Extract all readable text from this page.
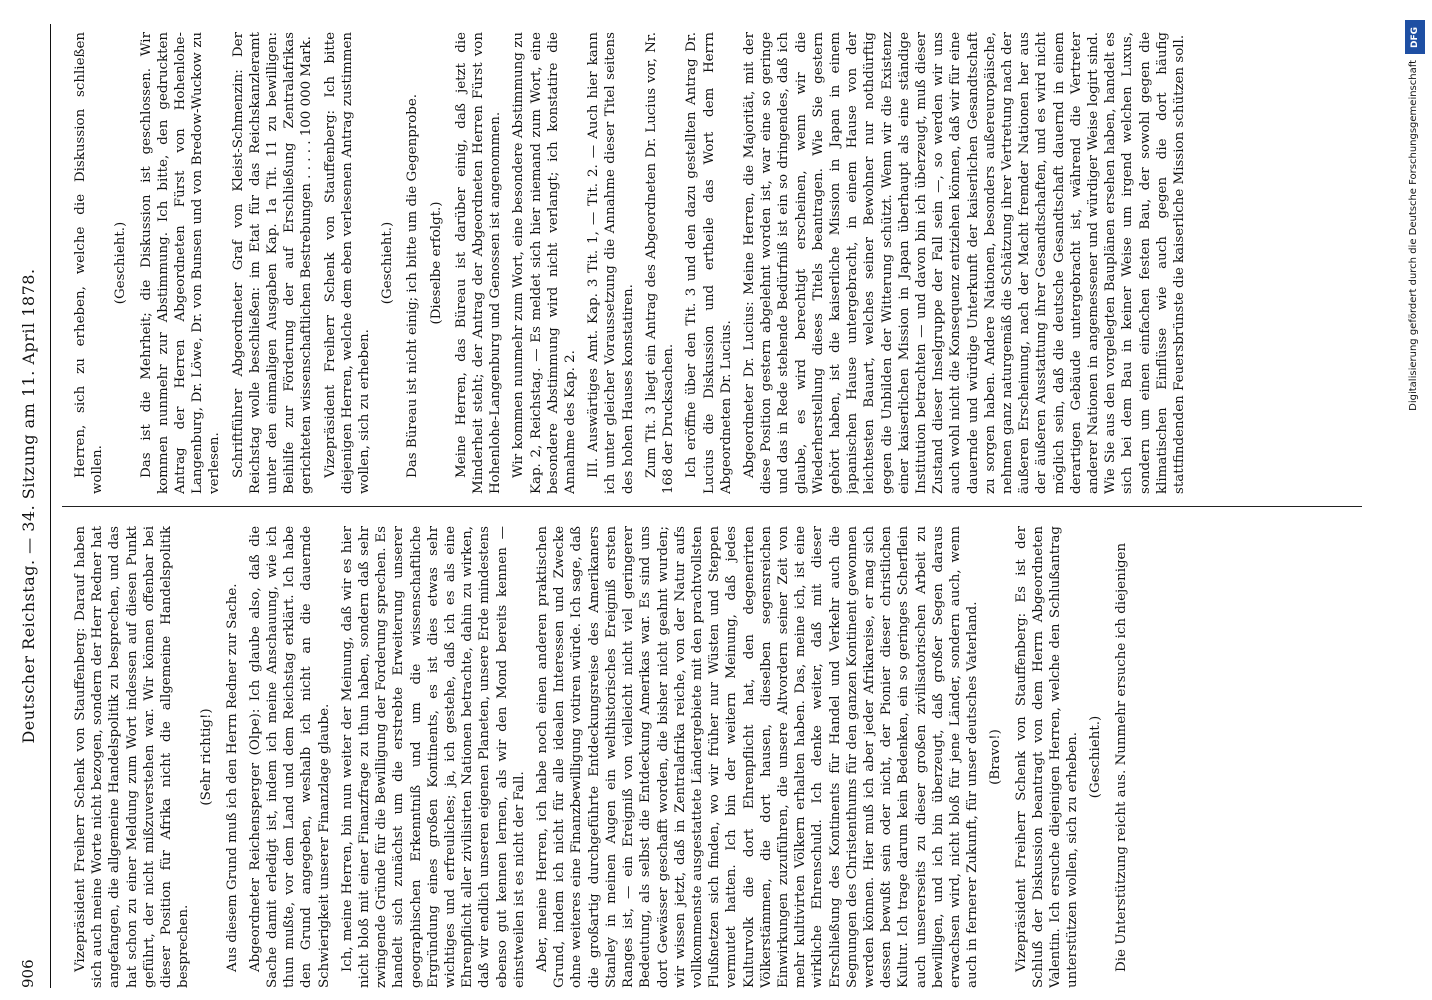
906
Deutscher Reichstag. — 34. Sitzung am 11. April 1878.

Vizepräsident Freiherr Schenk von Stauffenberg: Darauf haben sich auch meine Worte nicht bezogen, sondern der Herr Redner hat angefangen, die allgemeine Handelspolitik zu besprechen, und das hat schon zu einer Meldung zum Wort indessen auf diesen Punkt geführt, der nicht mißzuverstehen war. Wir können offenbar bei dieser Position für Afrika nicht die allgemeine Handelspolitik besprechen.

(Sehr richtig!) Aus diesem Grund muß ich den Herrn Redner zur Sache. Abgeordneter Reichensperger (Olpe): Ich glaube also, daß die Sache damit erledigt ist, indem ich meine Anschauung, wie ich thun mußte, vor dem Land und dem Reichstag erklärt. Ich habe den Grund angegeben, weshalb ich nicht an die dauernde Schwierigkeit unserer Finanzlage glaube. Ich, meine Herren, bin nun weiter der Meinung, daß wir es hier nicht bloß mit einer Finanzfrage zu thun haben, sondern daß sehr zwingende Gründe für die Bewilligung der Forderung sprechen. Es handelt sich zunächst um die erstrebte Erweiterung unserer geographischen Erkenntniß und um die wissenschaftliche Ergründung eines großen Kontinents, es ist dies etwas sehr wichtiges und erfreuliches; ja, ich gestehe, daß ich es als eine Ehrenpflicht aller zivilisirten Nationen betrachte, dahin zu wirken, daß wir endlich unseren eigenen Planeten, unsere Erde mindestens ebenso gut kennen lernen, als wir den Mond bereits kennen — einstweilen ist es nicht der Fall. Aber, meine Herren, ich habe noch einen anderen praktischen Grund, indem ich nicht für alle idealen Interessen und Zwecke ohne weiteres eine Finanzbewilligung votiren würde. Ich sage, daß die großartig durchgeführte Entdeckungsreise des Amerikaners Stanley in meinen Augen ein welthistorisches Ereigniß ersten Ranges ist, — ein Ereigniß von vielleicht nicht viel geringerer Bedeutung, als selbst die Entdeckung Amerikas war. Es sind uns dort Gewässer geschafft worden, die bisher nicht geahnt wurden; wir wissen jetzt, daß in Zentralafrika reiche, von der Natur aufs vollkommenste ausgestattete Ländergebiete mit den prachtvollsten Flußnetzen sich finden, wo wir früher nur Wüsten und Steppen vermutet hatten. Ich bin der weitern Meinung, daß jedes Kulturvolk die dort Ehrenpflicht hat, den degenerirten Völkerstämmen, die dort hausen, dieselben segensreichen Einwirkungen zuzuführen, die unsere Altvordern seiner Zeit von mehr kultivirten Völkern erhalten haben. Das, meine ich, ist eine wirkliche Ehrenschuld. Ich denke weiter, daß mit dieser Erschließung des Kontinents für Handel und Verkehr auch die Segnungen des Christenthums für den ganzen Kontinent gewonnen werden können. Hier muß ich aber jeder Afrikareise, er mag sich dessen bewußt sein oder nicht, der Pionier dieser christlichen Kultur. Ich trage darum kein Bedenken, ein so geringes Scherflein auch unsererseits zu dieser großen zivilisatorischen Arbeit zu bewilligen, und ich bin überzeugt, daß großer Segen daraus erwachsen wird, nicht bloß für jene Länder, sondern auch, wenn auch in fernerer Zukunft, für unser deutsches Vaterland. (Bravo!) Vizepräsident Freiherr Schenk von Stauffenberg: Es ist der Schluß der Diskussion beantragt von dem Herrn Abgeordneten Valentin. Ich ersuche diejenigen Herren, welche den Schlußantrag unterstützen wollen, sich zu erheben. (Geschieht.) Die Unterstützung reicht aus. Nunmehr ersuche ich diejenigen

Herren, sich zu erheben, welche die Diskussion schließen wollen.

(Geschieht.) Das ist die Mehrheit; die Diskussion ist geschlossen. Wir kommen nunmehr zur Abstimmung. Ich bitte, den gedruckten Antrag der Herren Abgeordneten Fürst von Hohenlohe-Langenburg, Dr. Löwe, Dr. von Bunsen und von Bredow-Wuckow zu verlesen. Schriftführer Abgeordneter Graf von Kleist-Schmenzin: Der Reichstag wolle beschließen: im Etat für das Reichskanzleramt unter den einmaligen Ausgaben Kap. 1a Tit. 11 zu bewilligen: Beihilfe zur Förderung der auf Erschließung Zentralafrikas gerichteten wissenschaftlichen Bestrebungen . . . . . 100 000 Mark. Vizepräsident Freiherr Schenk von Stauffenberg: Ich bitte diejenigen Herren, welche dem eben verlesenen Antrag zustimmen wollen, sich zu erheben.

(Geschieht.) Das Büreau ist nicht einig; ich bitte um die Gegenprobe. (Dieselbe erfolgt.) Meine Herren, das Büreau ist darüber einig, daß jetzt die Minderheit steht; der Antrag der Abgeordneten Herren Fürst von Hohenlohe-Langenburg und Genossen ist angenommen. Wir kommen nunmehr zum Wort, eine besondere Abstimmung zu Kap. 2, Reichstag. — Es meldet sich hier niemand zum Wort, eine besondere Abstimmung wird nicht verlangt; ich konstatire die Annahme des Kap. 2. III. Auswärtiges Amt. Kap. 3 Tit. 1, — Tit. 2. — Auch hier kann ich unter gleicher Voraussetzung die Annahme dieser Titel seitens des hohen Hauses konstatiren. Zum Tit. 3 liegt ein Antrag des Abgeordneten Dr. Lucius vor, Nr. 168 der Drucksachen. Ich eröffne über den Tit. 3 und den dazu gestellten Antrag Dr. Lucius die Diskussion und ertheile das Wort dem Herrn Abgeordneten Dr. Lucius. Abgeordneter Dr. Lucius: Meine Herren, die Majorität, mit der diese Position gestern abgelehnt worden ist, war eine so geringe und das in Rede stehende Bedürfniß ist ein so dringendes, daß ich glaube, es wird berechtigt erscheinen, wenn wir die Wiederherstellung dieses Titels beantragen. Wie Sie gestern gehört haben, ist die kaiserliche Mission in Japan in einem japanischen Hause untergebracht, in einem Hause von der leichtesten Bauart, welches seiner Bewohner nur nothdürftig gegen die Unbilden der Witterung schützt. Wenn wir die Existenz einer kaiserlichen Mission in Japan überhaupt als eine ständige Institution betrachten — und davon bin ich überzeugt, muß dieser Zustand dieser Inselgruppe der Fall sein —, so werden wir uns auch wohl nicht die Konsequenz entziehen können, daß wir für eine dauernde und würdige Unterkunft der kaiserlichen Gesandtschaft zu sorgen haben. Andere Nationen, besonders außereuropäische, nehmen ganz naturgemäß die Schätzung ihrer Vertretung nach der äußeren Erscheinung, nach der Macht fremder Nationen her aus der äußeren Ausstattung ihrer Gesandtschaften, und es wird nicht möglich sein, daß die deutsche Gesandtschaft dauernd in einem derartigen Gebäude untergebracht ist, während die Vertreter anderer Nationen in angemessener und würdiger Weise logirt sind. Wie Sie aus den vorgelegten Bauplänen ersehen haben, handelt es sich bei dem Bau in keiner Weise um irgend welchen Luxus, sondern um einen einfachen festen Bau, der sowohl gegen die klimatischen Einflüsse wie auch gegen die dort häufig stattfindenden Feuersbrünste die kaiserliche Mission schützen soll.	DFG
Digitalisierung gefördert durch die Deutsche Forschungsgemeinschaft
